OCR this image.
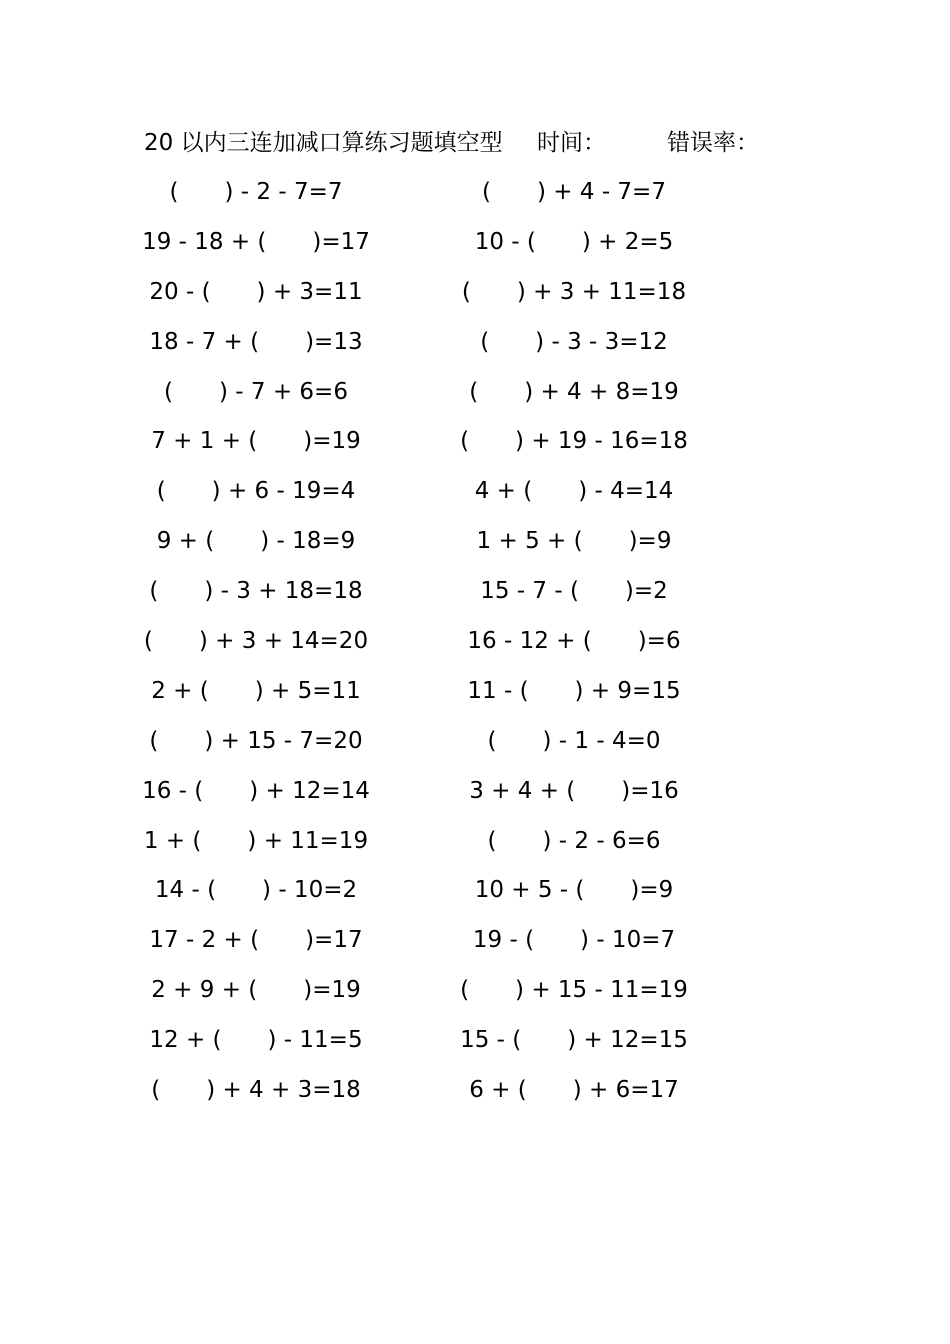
20 以内三连加减口算练习题填空型 时间：	错误率：
(　　) - 2 - 7=7	(　　) + 4 - 7=7
19 - 18 + (　　)=17	10 - (　　) + 2=5
20 - (　　) + 3=11	(　　) + 3 + 11=18
18 - 7 + (　　)=13	(　　) - 3 - 3=12
(　　) - 7 + 6=6	(　　) + 4 + 8=19
7 + 1 + (　　)=19	(　　) + 19 - 16=18
(　　) + 6 - 19=4	4 + (　　) - 4=14
9 + (　　) - 18=9	1 + 5 + (　　)=9
(　　) - 3 + 18=18	15 - 7 - (　　)=2
(　　) + 3 + 14=20	16 - 12 + (　　)=6
2 + (　　) + 5=11	11 - (　　) + 9=15
(　　) + 15 - 7=20	(　　) - 1 - 4=0
16 - (　　) + 12=14	3 + 4 + (　　)=16
1 + (　　) + 11=19	(　　) - 2 - 6=6
14 - (　　) - 10=2	10 + 5 - (　　)=9
17 - 2 + (　　)=17	19 - (　　) - 10=7
2 + 9 + (　　)=19	(　　) + 15 - 11=19
12 + (　　) - 11=5	15 - (　　) + 12=15
(　　) + 4 + 3=18	6 + (　　) + 6=17
